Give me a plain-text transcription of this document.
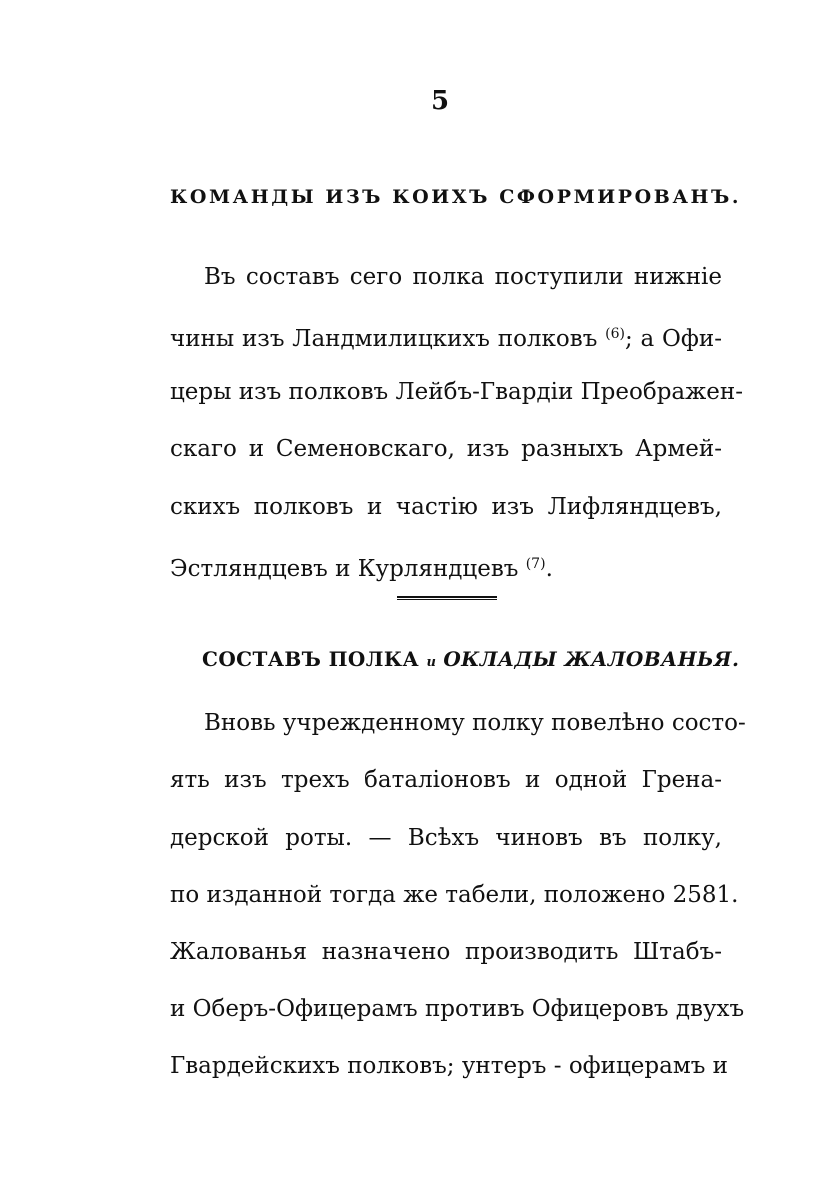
5
КОМАНДЫ ИЗЪ КОИХЪ СФОРМИРОВАНЪ.
Въ составъ сего полка поступили нижніе
чины изъ Ландмилицкихъ полковъ $^{(6)}$; а Офи-
церы изъ полковъ Лейбъ-Гвардіи Преображен-
скаго и Семеновскаго, изъ разныхъ Армей-
скихъ полковъ и частію изъ Лифляндцевъ,
Эстляндцевъ и Курляндцевъ $^{(7)}$.
СОСТАВЪ ПОЛКА и ОКЛАДЫ ЖАЛОВАНЬЯ.
Вновь учрежденному полку повелѣно состо-
ять изъ трехъ баталіоновъ и одной Грена-
дерской роты. — Всѣхъ чиновъ въ полку,
по изданной тогда же табели, положено 2581.
Жалованья назначено производить Штабъ-
и Оберъ-Офицерамъ противъ Офицеровъ двухъ
Гвардейскихъ полковъ; унтеръ - офицерамъ и
